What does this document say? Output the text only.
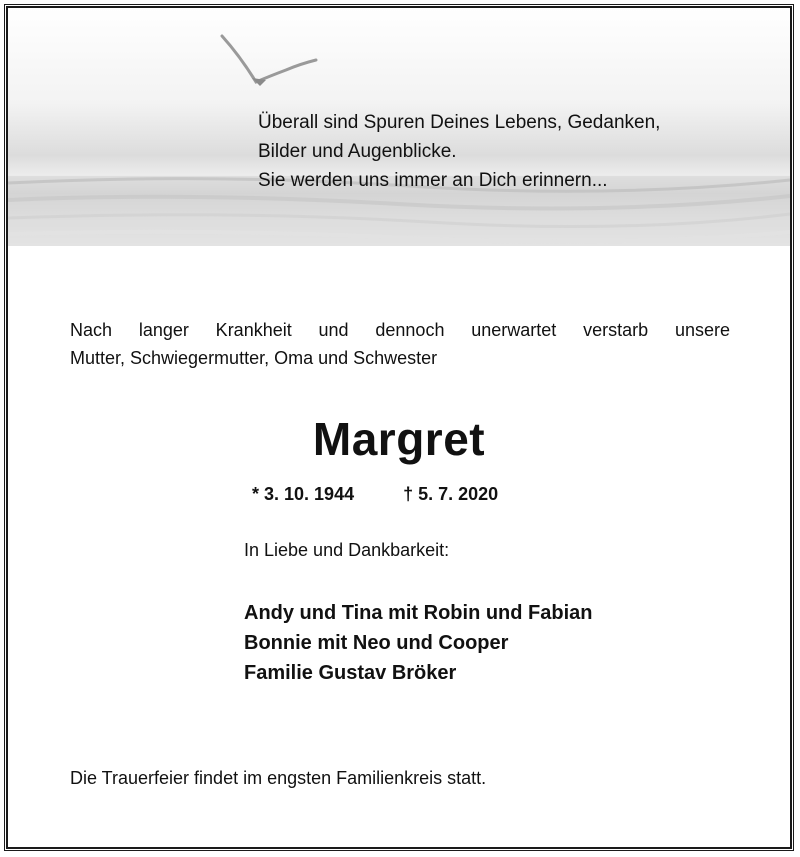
Überall sind Spuren Deines Lebens, Gedanken,
Bilder und Augenblicke.
Sie werden uns immer an Dich erinnern...

Nach langer Krankheit und dennoch unerwartet verstarb unsere
Mutter, Schwiegermutter, Oma und Schwester

Margret
* 3. 10. 1944	† 5. 7. 2020

In Liebe und Dankbarkeit:

Andy und Tina mit Robin und Fabian
Bonnie mit Neo und Cooper
Familie Gustav Bröker

Die Trauerfeier findet im engsten Familienkreis statt.
